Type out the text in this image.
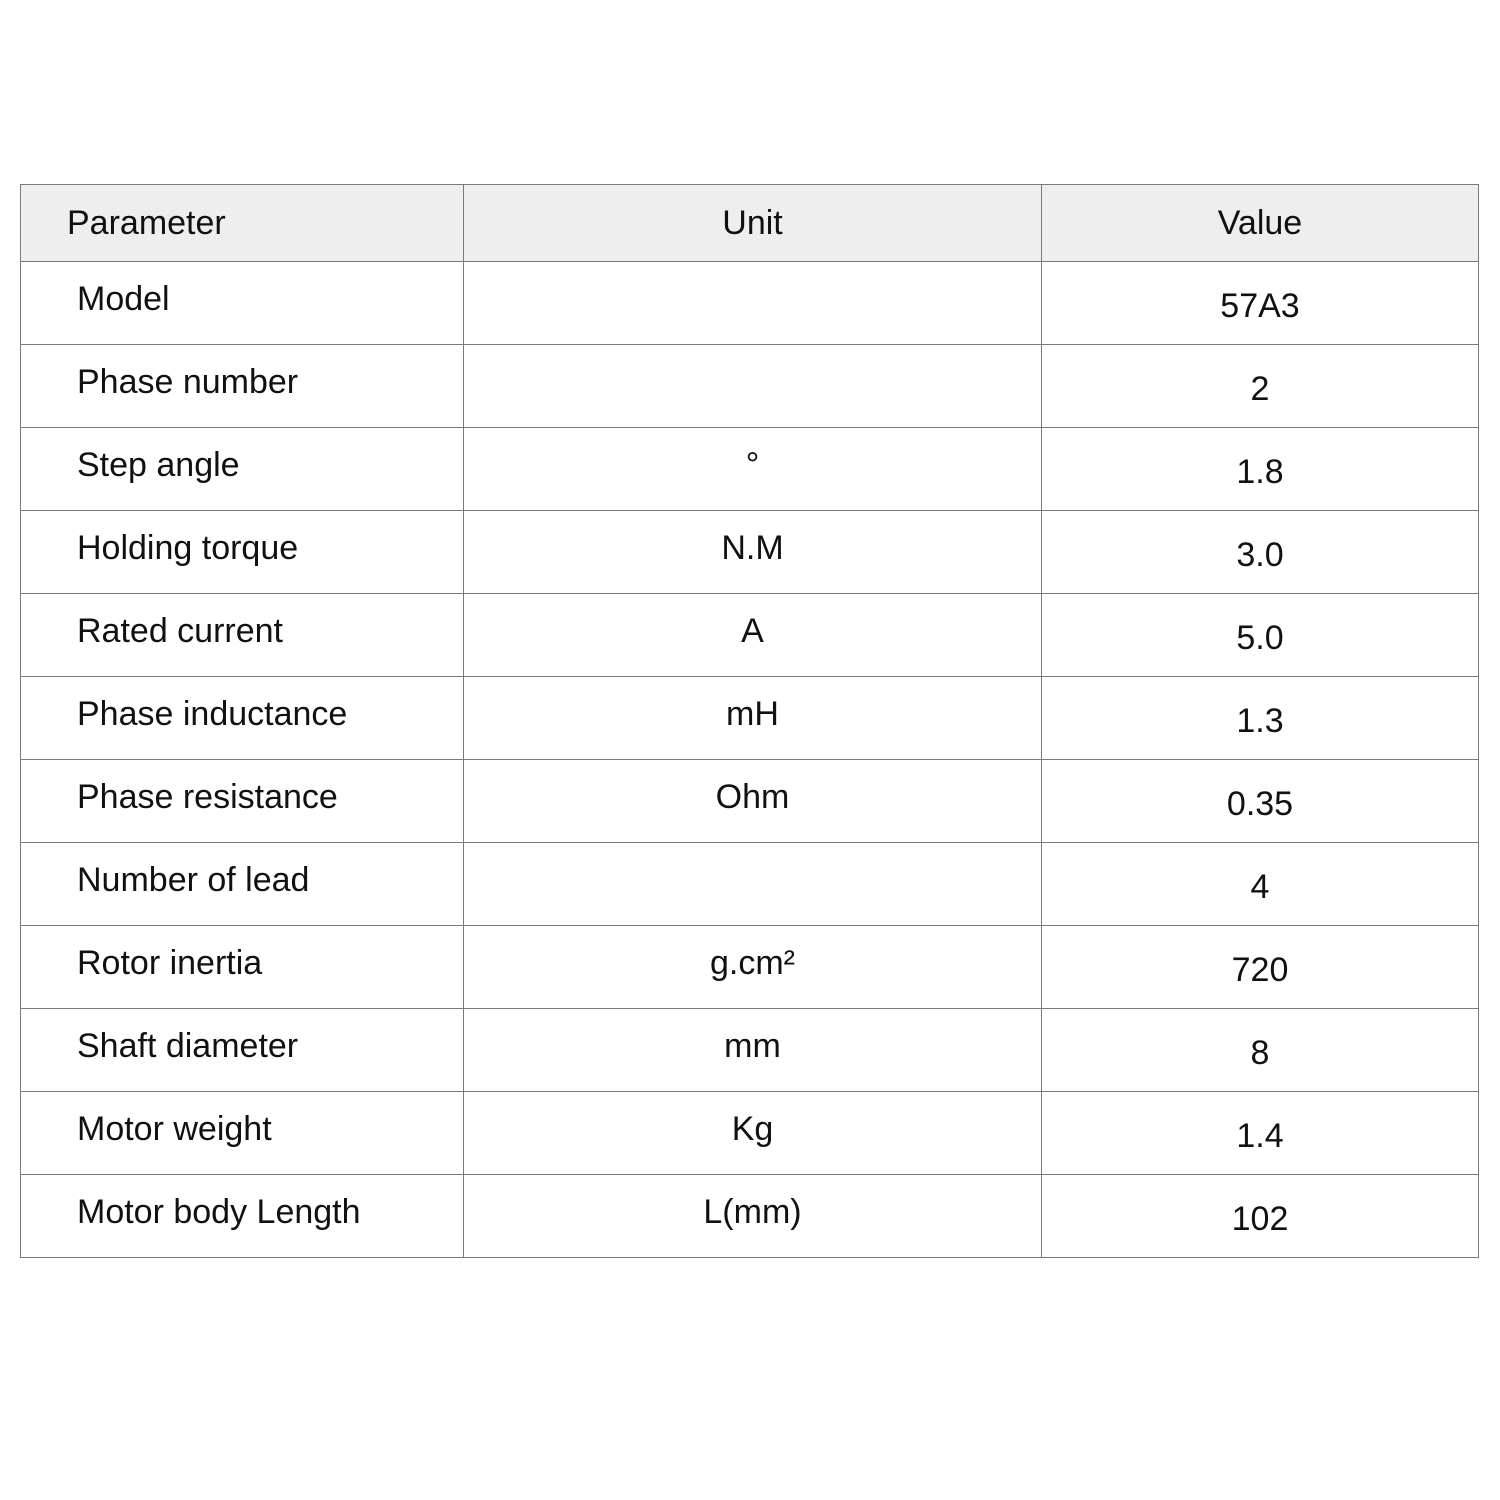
Parameter	Unit	Value
Model		57A3
Phase number		2
Step angle	°	1.8
Holding torque	N.M	3.0
Rated current	A	5.0
Phase inductance	mH	1.3
Phase resistance	Ohm	0.35
Number of lead		4
Rotor inertia	g.cm²	720
Shaft diameter	mm	8
Motor weight	Kg	1.4
Motor body Length	L(mm)	102
